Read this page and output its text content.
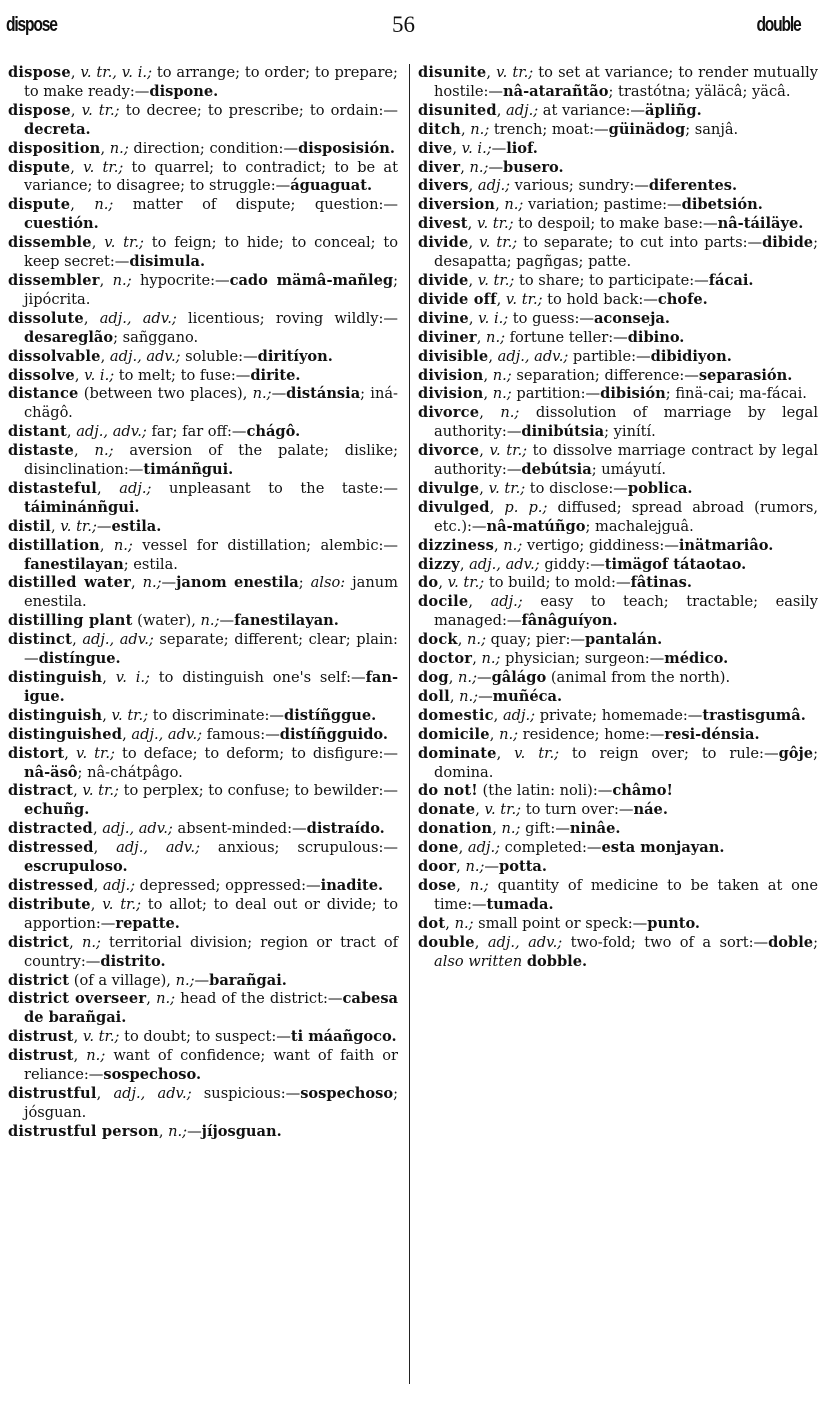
dispose	56	double

dispose, v. tr., v. i.; to arrange; to order; to prepare; to make ready:—dispone.

dispose, v. tr.; to decree; to prescribe; to ordain:—decreta.

disposition, n.; direction; condition:—disposisión.

dispute, v. tr.; to quarrel; to contradict; to be at variance; to disagree; to struggle:—águaguat.

dispute, n.; matter of dispute; question:—cuestión.

dissemble, v. tr.; to feign; to hide; to conceal; to keep secret:—disimula.

dissembler, n.; hypocrite:—cado mämâ-mañleg; jipócrita.

dissolute, adj., adv.; licentious; roving wildly:—desareglão; sañggano.

dissolvable, adj., adv.; soluble:—diritíyon.

dissolve, v. i.; to melt; to fuse:—dirite.

distance (between two places), n.;—distánsia; iná-chägô.

distant, adj., adv.; far; far off:—chágô.

distaste, n.; aversion of the palate; dislike; disinclination:—timánñgui.

distasteful, adj.; unpleasant to the taste:—táiminánñgui.

distil, v. tr.;—estila.

distillation, n.; vessel for distillation; alembic:—fanestilayan; estila.

distilled water, n.;—janom enestila; also: janum enestila.

distilling plant (water), n.;—fanestilayan.

distinct, adj., adv.; separate; different; clear; plain:—distíngue.

distinguish, v. i.; to distinguish one's self:—fan-igue.

distinguish, v. tr.; to discriminate:—distíñggue.

distinguished, adj., adv.; famous:—distíñgguido.

distort, v. tr.; to deface; to deform; to disfigure:—nâ-äsô; nâ-chátpâgo.

distract, v. tr.; to perplex; to confuse; to bewilder:—echuñg.

distracted, adj., adv.; absent-minded:—distraído.

distressed, adj., adv.; anxious; scrupulous:—escrupuloso.

distressed, adj.; depressed; oppressed:—inadite.

distribute, v. tr.; to allot; to deal out or divide; to apportion:—repatte.

district, n.; territorial division; region or tract of country:—distrito.

district (of a village), n.;—barañgai.

district overseer, n.; head of the district:—cabesa de barañgai.

distrust, v. tr.; to doubt; to suspect:—ti máañgoco.

distrust, n.; want of confidence; want of faith or reliance:—sospechoso.

distrustful, adj., adv.; suspicious:—sospechoso; jósguan.

distrustful person, n.;—jíjosguan.

disunite, v. tr.; to set at variance; to render mutually hostile:—nâ-atarañtão; trastótna; yäläcâ; yäcâ.

disunited, adj.; at variance:—äpliñg.

ditch, n.; trench; moat:—güinädog; sanjâ.

dive, v. i.;—liof.

diver, n.;—busero.

divers, adj.; various; sundry:—diferentes.

diversion, n.; variation; pastime:—dibetsión.

divest, v. tr.; to despoil; to make base:—nâ-táiläye.

divide, v. tr.; to separate; to cut into parts:—dibide; desapatta; pagñgas; patte.

divide, v. tr.; to share; to participate:—fácai.

divide off, v. tr.; to hold back:—chofe.

divine, v. i.; to guess:—aconseja.

diviner, n.; fortune teller:—dibino.

divisible, adj., adv.; partible:—dibidiyon.

division, n.; separation; difference:—separasión.

division, n.; partition:—dibisión; finä-cai; ma-fácai.

divorce, n.; dissolution of marriage by legal authority:—dinibútsia; yinítí.

divorce, v. tr.; to dissolve marriage contract by legal authority:—debútsia; umáyutí.

divulge, v. tr.; to disclose:—poblica.

divulged, p. p.; diffused; spread abroad (rumors, etc.):—nâ-matúñgo; machalejguâ.

dizziness, n.; vertigo; giddiness:—inätmariâo.

dizzy, adj., adv.; giddy:—timägof tátaotao.

do, v. tr.; to build; to mold:—fâtinas.

docile, adj.; easy to teach; tractable; easily managed:—fânâguíyon.

dock, n.; quay; pier:—pantalán.

doctor, n.; physician; surgeon:—médico.

dog, n.;—gâlágo (animal from the north).

doll, n.;—muñéca.

domestic, adj.; private; homemade:—trastisgumâ.

domicile, n.; residence; home:—resi-dénsia.

dominate, v. tr.; to reign over; to rule:—gôje; domina.

do not! (the latin: noli):—châmo!

donate, v. tr.; to turn over:—náe.

donation, n.; gift:—ninâe.

done, adj.; completed:—esta monjayan.

door, n.;—potta.

dose, n.; quantity of medicine to be taken at one time:—tumada.

dot, n.; small point or speck:—punto.

double, adj., adv.; two-fold; two of a sort:—doble; also written dobble.
